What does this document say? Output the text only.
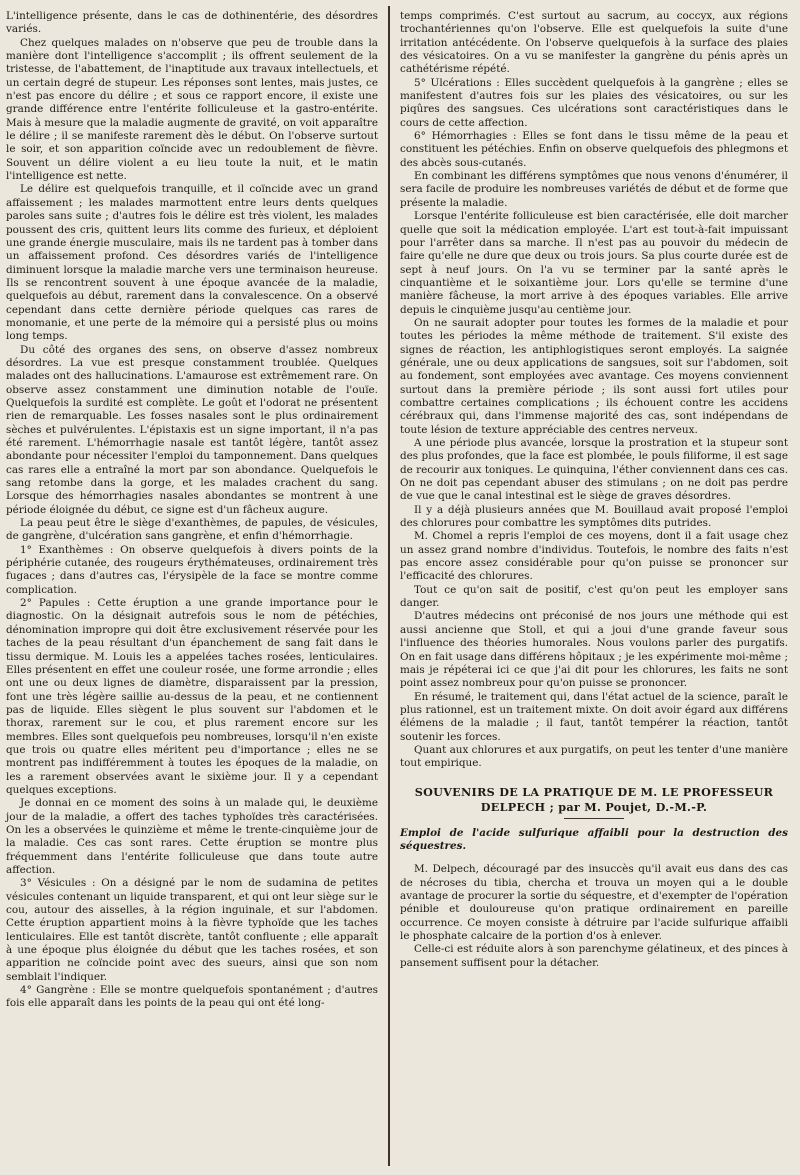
L'intelligence présente, dans le cas de dothinentérie, des désordres variés.

Chez quelques malades on n'observe que peu de trouble dans la manière dont l'intelligence s'accomplit ; ils offrent seulement de la tristesse, de l'abattement, de l'inaptitude aux travaux intellectuels, et un certain degré de stupeur. Les réponses sont lentes, mais justes, ce n'est pas encore du délire ; et sous ce rapport encore, il existe une grande différence entre l'entérite folliculeuse et la gastro-entérite. Mais à mesure que la maladie augmente de gravité, on voit apparaître le délire ; il se manifeste rarement dès le début. On l'observe surtout le soir, et son apparition coïncide avec un redoublement de fièvre. Souvent un délire violent a eu lieu toute la nuit, et le matin l'intelligence est nette.

Le délire est quelquefois tranquille, et il coïncide avec un grand affaissement ; les malades marmottent entre leurs dents quelques paroles sans suite ; d'autres fois le délire est très violent, les malades poussent des cris, quittent leurs lits comme des furieux, et déploient une grande énergie musculaire, mais ils ne tardent pas à tomber dans un affaissement profond. Ces désordres variés de l'intelligence diminuent lorsque la maladie marche vers une terminaison heureuse. Ils se rencontrent souvent à une époque avancée de la maladie, quelquefois au début, rarement dans la convalescence. On a observé cependant dans cette dernière période quelques cas rares de monomanie, et une perte de la mémoire qui a persisté plus ou moins long temps.

Du côté des organes des sens, on observe d'assez nombreux désordres. La vue est presque constamment troublée. Quelques malades ont des hallucinations. L'amaurose est extrêmement rare. On observe assez constamment une diminution notable de l'ouïe. Quelquefois la surdité est complète. Le goût et l'odorat ne présentent rien de remarquable. Les fosses nasales sont le plus ordinairement sèches et pulvérulentes. L'épistaxis est un signe important, il n'a pas été rarement. L'hémorrhagie nasale est tantôt légère, tantôt assez abondante pour nécessiter l'emploi du tamponnement. Dans quelques cas rares elle a entraîné la mort par son abondance. Quelquefois le sang retombe dans la gorge, et les malades crachent du sang. Lorsque des hémorrhagies nasales abondantes se montrent à une période éloignée du début, ce signe est d'un fâcheux augure.

La peau peut être le siège d'exanthèmes, de papules, de vésicules, de gangrène, d'ulcération sans gangrène, et enfin d'hémorrhagie.

1° Exanthèmes : On observe quelquefois à divers points de la périphérie cutanée, des rougeurs érythémateuses, ordinairement très fugaces ; dans d'autres cas, l'érysipèle de la face se montre comme complication.

2° Papules : Cette éruption a une grande importance pour le diagnostic. On la désignait autrefois sous le nom de pétéchies, dénomination impropre qui doit être exclusivement réservée pour les taches de la peau résultant d'un épanchement de sang fait dans le tissu dermique. M. Louis les a appelées taches rosées, lenticulaires. Elles présentent en effet une couleur rosée, une forme arrondie ; elles ont une ou deux lignes de diamètre, disparaissent par la pression, font une très légère saillie au-dessus de la peau, et ne contiennent pas de liquide. Elles siègent le plus souvent sur l'abdomen et le thorax, rarement sur le cou, et plus rarement encore sur les membres. Elles sont quelquefois peu nombreuses, lorsqu'il n'en existe que trois ou quatre elles méritent peu d'importance ; elles ne se montrent pas indifféremment à toutes les époques de la maladie, on les a rarement observées avant le sixième jour. Il y a cependant quelques exceptions.

Je donnai en ce moment des soins à un malade qui, le deuxième jour de la maladie, a offert des taches typhoïdes très caractérisées. On les a observées le quinzième et même le trente-cinquième jour de la maladie. Ces cas sont rares. Cette éruption se montre plus fréquemment dans l'entérite folliculeuse que dans toute autre affection.

3° Vésicules : On a désigné par le nom de sudamina de petites vésicules contenant un liquide transparent, et qui ont leur siège sur le cou, autour des aisselles, à la région inguinale, et sur l'abdomen. Cette éruption appartient moins à la fièvre typhoïde que les taches lenticulaires. Elle est tantôt discrète, tantôt confluente ; elle apparaît à une époque plus éloignée du début que les taches rosées, et son apparition ne coïncide point avec des sueurs, ainsi que son nom semblait l'indiquer.

4° Gangrène : Elle se montre quelquefois spontanément ; d'autres fois elle apparaît dans les points de la peau qui ont été long-

temps comprimés. C'est surtout au sacrum, au coccyx, aux régions trochantériennes qu'on l'observe. Elle est quelquefois la suite d'une irritation antécédente. On l'observe quelquefois à la surface des plaies des vésicatoires. On a vu se manifester la gangrène du pénis après un cathétérisme répété.

5° Ulcérations : Elles succèdent quelquefois à la gangrène ; elles se manifestent d'autres fois sur les plaies des vésicatoires, ou sur les piqûres des sangsues. Ces ulcérations sont caractéristiques dans le cours de cette affection.

6° Hémorrhagies : Elles se font dans le tissu même de la peau et constituent les pétéchies. Enfin on observe quelquefois des phlegmons et des abcès sous-cutanés.

En combinant les différens symptômes que nous venons d'énumérer, il sera facile de produire les nombreuses variétés de début et de forme que présente la maladie.

Lorsque l'entérite folliculeuse est bien caractérisée, elle doit marcher quelle que soit la médication employée. L'art est tout-à-fait impuissant pour l'arrêter dans sa marche. Il n'est pas au pouvoir du médecin de faire qu'elle ne dure que deux ou trois jours. Sa plus courte durée est de sept à neuf jours. On l'a vu se terminer par la santé après le cinquantième et le soixantième jour. Lors qu'elle se termine d'une manière fâcheuse, la mort arrive à des époques variables. Elle arrive depuis le cinquième jusqu'au centième jour.

On ne saurait adopter pour toutes les formes de la maladie et pour toutes les périodes la même méthode de traitement. S'il existe des signes de réaction, les antiphlogistiques seront employés. La saignée générale, une ou deux applications de sangsues, soit sur l'abdomen, soit au fondement, sont employées avec avantage. Ces moyens conviennent surtout dans la première période ; ils sont aussi fort utiles pour combattre certaines complications ; ils échouent contre les accidens cérébraux qui, dans l'immense majorité des cas, sont indépendans de toute lésion de texture appréciable des centres nerveux.

A une période plus avancée, lorsque la prostration et la stupeur sont des plus profondes, que la face est plombée, le pouls filiforme, il est sage de recourir aux toniques. Le quinquina, l'éther conviennent dans ces cas. On ne doit pas cependant abuser des stimulans ; on ne doit pas perdre de vue que le canal intestinal est le siège de graves désordres.

Il y a déjà plusieurs années que M. Bouillaud avait proposé l'emploi des chlorures pour combattre les symptômes dits putrides.

M. Chomel a repris l'emploi de ces moyens, dont il a fait usage chez un assez grand nombre d'individus. Toutefois, le nombre des faits n'est pas encore assez considérable pour qu'on puisse se prononcer sur l'efficacité des chlorures.

Tout ce qu'on sait de positif, c'est qu'on peut les employer sans danger.

D'autres médecins ont préconisé de nos jours une méthode qui est aussi ancienne que Stoll, et qui a joui d'une grande faveur sous l'influence des théories humorales. Nous voulons parler des purgatifs. On en fait usage dans différens hôpitaux ; je les expérimente moi-même ; mais je répéterai ici ce que j'ai dit pour les chlorures, les faits ne sont point assez nombreux pour qu'on puisse se prononcer.

En résumé, le traitement qui, dans l'état actuel de la science, paraît le plus rationnel, est un traitement mixte. On doit avoir égard aux différens élémens de la maladie ; il faut, tantôt tempérer la réaction, tantôt soutenir les forces.

Quant aux chlorures et aux purgatifs, on peut les tenter d'une manière tout empirique.

SOUVENIRS DE LA PRATIQUE DE M. LE PROFESSEUR DELPECH ; par M. Poujet, D.-M.-P.

Emploi de l'acide sulfurique affaibli pour la destruction des séquestres.

M. Delpech, découragé par des insuccès qu'il avait eus dans des cas de nécroses du tibia, chercha et trouva un moyen qui a le double avantage de procurer la sortie du séquestre, et d'exempter de l'opération pénible et douloureuse qu'on pratique ordinairement en pareille occurrence. Ce moyen consiste à détruire par l'acide sulfurique affaibli le phosphate calcaire de la portion d'os à enlever.

Celle-ci est réduite alors à son parenchyme gélatineux, et des pinces à pansement suffisent pour la détacher.
